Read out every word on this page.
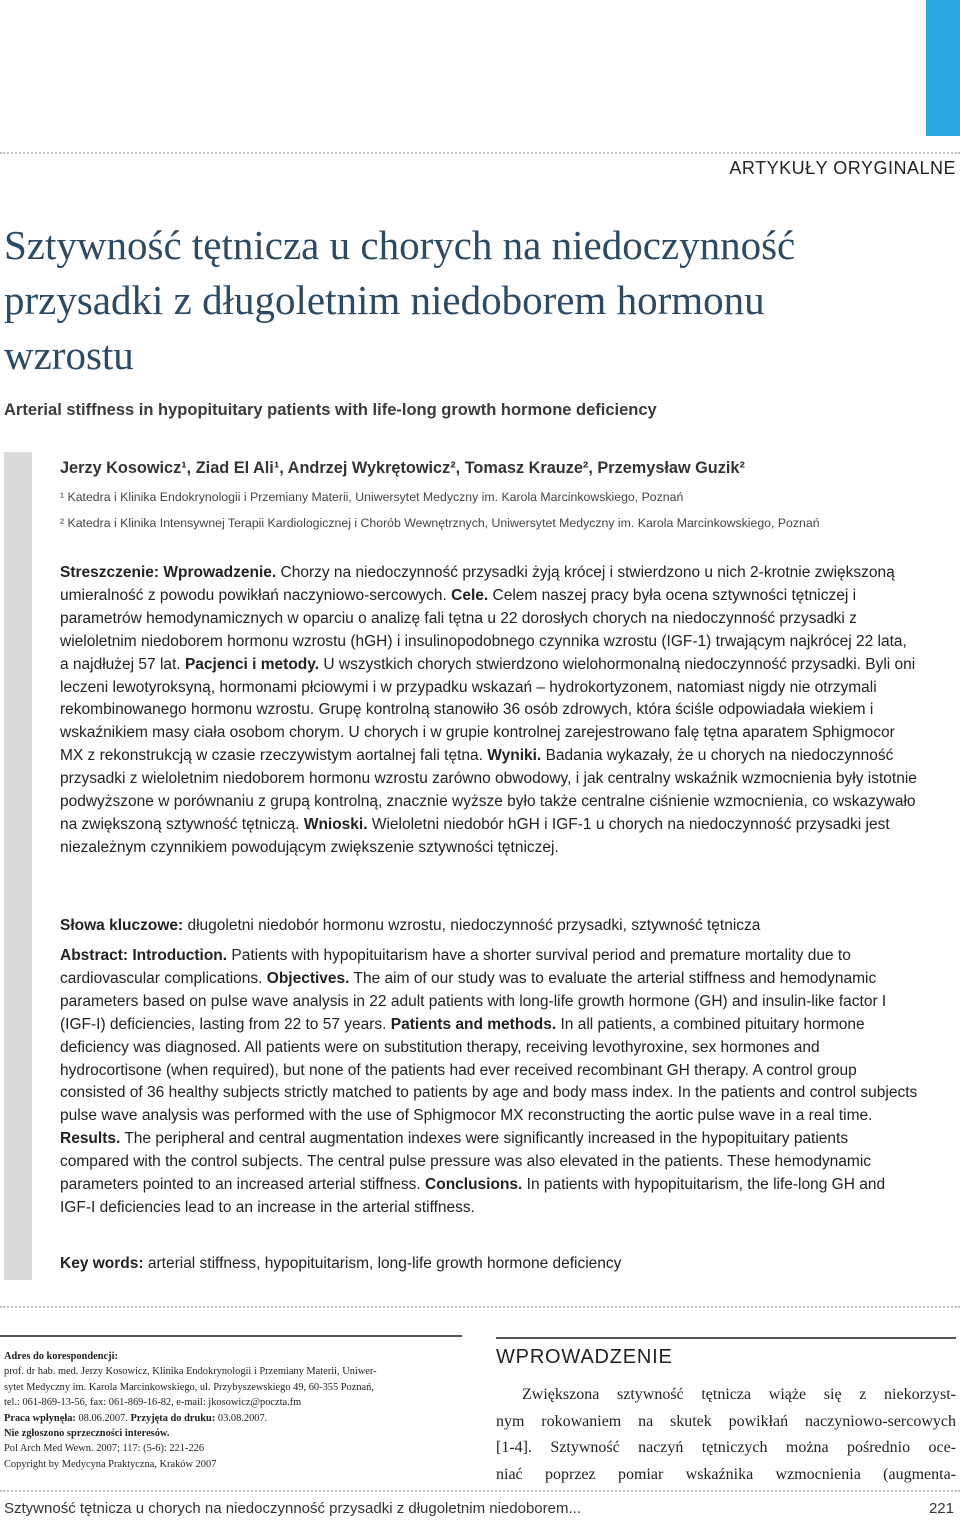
ARTYKUŁY ORYGINALNE
Sztywność tętnicza u chorych na niedoczynność przysadki z długoletnim niedoborem hormonu wzrostu
Arterial stiffness in hypopituitary patients with life-long growth hormone deficiency
Jerzy Kosowicz¹, Ziad El Ali¹, Andrzej Wykrętowicz², Tomasz Krauze², Przemysław Guzik²
¹ Katedra i Klinika Endokrynologii i Przemiany Materii, Uniwersytet Medyczny im. Karola Marcinkowskiego, Poznań
² Katedra i Klinika Intensywnej Terapii Kardiologicznej i Chorób Wewnętrznych, Uniwersytet Medyczny im. Karola Marcinkowskiego, Poznań

Streszczenie: Wprowadzenie. Chorzy na niedoczynność przysadki żyją krócej i stwierdzono u nich 2-krotnie zwiększoną umieralność z powodu powikłań naczyniowo-sercowych. Cele. Celem naszej pracy była ocena sztywności tętniczej i parametrów hemodynamicznych w oparciu o analizę fali tętna u 22 dorosłych chorych na niedoczynność przysadki z wieloletnim niedoborem hormonu wzrostu (hGH) i insulinopodobnego czynnika wzrostu (IGF-1) trwającym najkrócej 22 lata, a najdłużej 57 lat. Pacjenci i metody. U wszystkich chorych stwierdzono wielohormonalną niedoczynność przysadki. Byli oni leczeni lewotyroksyną, hormonami płciowymi i w przypadku wskazań – hydrokortyzonem, natomiast nigdy nie otrzymali rekombinowanego hormonu wzrostu. Grupę kontrolną stanowiło 36 osób zdrowych, która ściśle odpowiadała wiekiem i wskaźnikiem masy ciała osobom chorym. U chorych i w grupie kontrolnej zarejestrowano falę tętna aparatem Sphigmocor MX z rekonstrukcją w czasie rzeczywistym aortalnej fali tętna. Wyniki. Badania wykazały, że u chorych na niedoczynność przysadki z wieloletnim niedoborem hormonu wzrostu zarówno obwodowy, i jak centralny wskaźnik wzmocnienia były istotnie podwyższone w porównaniu z grupą kontrolną, znacznie wyższe było także centralne ciśnienie wzmocnienia, co wskazywało na zwiększoną sztywność tętniczą. Wnioski. Wieloletni niedobór hGH i IGF-1 u chorych na niedoczynność przysadki jest niezależnym czynnikiem powodującym zwiększenie sztywności tętniczej.

Słowa kluczowe: długoletni niedobór hormonu wzrostu, niedoczynność przysadki, sztywność tętnicza

Abstract: Introduction. Patients with hypopituitarism have a shorter survival period and premature mortality due to cardiovascular complications. Objectives. The aim of our study was to evaluate the arterial stiffness and hemodynamic parameters based on pulse wave analysis in 22 adult patients with long-life growth hormone (GH) and insulin-like factor I (IGF-I) deficiencies, lasting from 22 to 57 years. Patients and methods. In all patients, a combined pituitary hormone deficiency was diagnosed. All patients were on substitution therapy, receiving levothyroxine, sex hormones and hydrocortisone (when required), but none of the patients had ever received recombinant GH therapy. A control group consisted of 36 healthy subjects strictly matched to patients by age and body mass index. In the patients and control subjects pulse wave analysis was performed with the use of Sphigmocor MX reconstructing the aortic pulse wave in a real time. Results. The peripheral and central augmentation indexes were significantly increased in the hypopituitary patients compared with the control subjects. The central pulse pressure was also elevated in the patients. These hemodynamic parameters pointed to an increased arterial stiffness. Conclusions. In patients with hypopituitarism, the life-long GH and IGF-I deficiencies lead to an increase in the arterial stiffness.

Key words: arterial stiffness, hypopituitarism, long-life growth hormone deficiency

Adres do korespondencji:
prof. dr hab. med. Jerzy Kosowicz, Klinika Endokrynologii i Przemiany Materii, Uniwer-
sytet Medyczny im. Karola Marcinkowskiego, ul. Przybyszewskiego 49, 60-355 Poznań,
tel.: 061-869-13-56, fax: 061-869-16-82, e-mail: jkosowicz@poczta.fm
Praca wpłynęła: 08.06.2007. Przyjęta do druku: 03.08.2007.
Nie zgłoszono sprzeczności interesów.
Pol Arch Med Wewn. 2007; 117: (5-6): 221-226
Copyright by Medycyna Praktyczna, Kraków 2007
WPROWADZENIE
Zwiększona sztywność tętnicza wiąże się z niekorzyst-
nym rokowaniem na skutek powikłań naczyniowo-sercowych
[1-4]. Sztywność naczyń tętniczych można pośrednio oce-
niać poprzez pomiar wskaźnika wzmocnienia (augmenta-
Sztywność tętnicza u chorych na niedoczynność przysadki z długoletnim niedoborem...	221
